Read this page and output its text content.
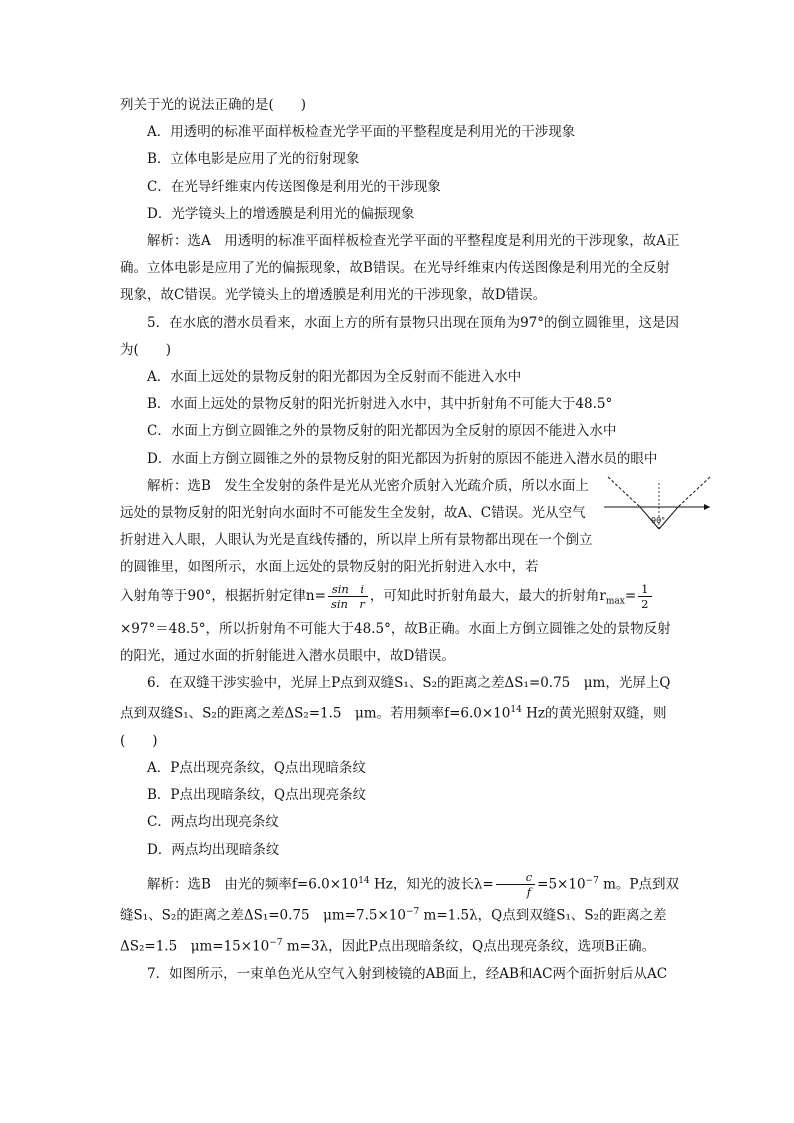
列关于光的说法正确的是(　　)

A．用透明的标准平面样板检查光学平面的平整程度是利用光的干涉现象

B．立体电影是应用了光的衍射现象

C．在光导纤维束内传送图像是利用光的干涉现象

D．光学镜头上的增透膜是利用光的偏振现象

解析：选A　用透明的标准平面样板检查光学平面的平整程度是利用光的干涉现象，故A正确。立体电影是应用了光的偏振现象，故B错误。在光导纤维束内传送图像是利用光的全反射现象，故C错误。光学镜头上的增透膜是利用光的干涉现象，故D错误。

5．在水底的潜水员看来，水面上方的所有景物只出现在顶角为97°的倒立圆锥里，这是因为(　　)

A．水面上远处的景物反射的阳光都因为全反射而不能进入水中

B．水面上远处的景物反射的阳光折射进入水中，其中折射角不可能大于48.5°

C．水面上方倒立圆锥之外的景物反射的阳光都因为全反射的原因不能进入水中

D．水面上方倒立圆锥之外的景物反射的阳光都因为折射的原因不能进入潜水员的眼中

解析：选B　发生全发射的条件是光从光密介质射入光疏介质，所以水面上远处的景物反射的阳光射向水面时不可能发生全发射，故A、C错误。光从空气折射进入人眼，人眼认为光是直线传播的，所以岸上所有景物都出现在一个倒立的圆锥里，如图所示，水面上远处的景物反射的阳光折射进入水中，若

90°

入射角等于90°，根据折射定律$n= \frac{\text{sin　i}}{\text{sin　r}}$ ，可知此时折射角最大，最大的折射角$r_{max}= \frac{1}{2}$

×97°＝48.5°，所以折射角不可能大于48.5°，故B正确。水面上方倒立圆锥之处的景物反射的阳光，通过水面的折射能进入潜水员眼中，故D错误。

6．在双缝干涉实验中，光屏上P点到双缝S₁、S₂的距离之差ΔS₁=0.75　μm，光屏上Q点到双缝S₁、S₂的距离之差ΔS₂=1.5　μm。若用频率$f=6.0\times 10^{14}$ Hz的黄光照射双缝，则(　　)

A．P点出现亮条纹，Q点出现暗条纹

B．P点出现暗条纹，Q点出现亮条纹

C．两点均出现亮条纹

D．两点均出现暗条纹

解析：选B　由光的频率$f=6.0\times 10^{14}$ Hz，知光的波长$\lambda= \frac{c}{f} =5\times 10^{-7}$ m。P点到双缝S₁、S₂的距离之差ΔS₁=0.75　$\mu m=7.5\times 10^{-7}$ m=1.5λ，Q点到双缝S₁、S₂的距离之差ΔS₂=1.5　$\mu m=15\times 10^{-7}$ m=3λ，因此P点出现暗条纹，Q点出现亮条纹，选项B正确。

7．如图所示，一束单色光从空气入射到棱镜的AB面上，经AB和AC两个面折射后从AC
